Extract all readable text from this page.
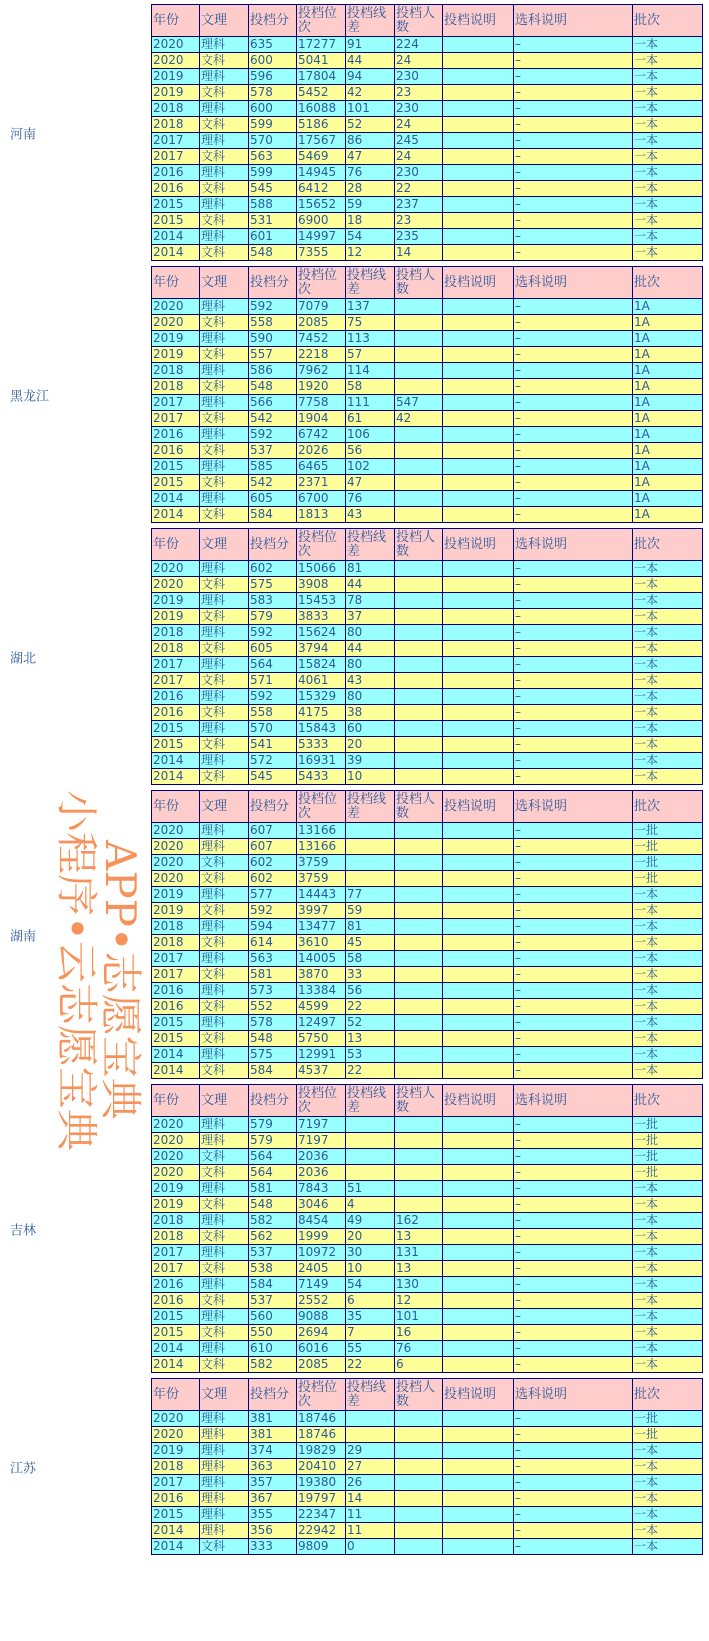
河南
年份	文理	投档分	投档位次	投档线差	投档人数	投档说明	选科说明	批次
2020	理科	635	17277	91	224		–	一本
2020	文科	600	5041	44	24		–	一本
2019	理科	596	17804	94	230		–	一本
2019	文科	578	5452	42	23		–	一本
2018	理科	600	16088	101	230		–	一本
2018	文科	599	5186	52	24		–	一本
2017	理科	570	17567	86	245		–	一本
2017	文科	563	5469	47	24		–	一本
2016	理科	599	14945	76	230		–	一本
2016	文科	545	6412	28	22		–	一本
2015	理科	588	15652	59	237		–	一本
2015	文科	531	6900	18	23		–	一本
2014	理科	601	14997	54	235		–	一本
2014	文科	548	7355	12	14		–	一本
黑龙江
年份	文理	投档分	投档位次	投档线差	投档人数	投档说明	选科说明	批次
2020	理科	592	7079	137			–	1A
2020	文科	558	2085	75			–	1A
2019	理科	590	7452	113			–	1A
2019	文科	557	2218	57			–	1A
2018	理科	586	7962	114			–	1A
2018	文科	548	1920	58			–	1A
2017	理科	566	7758	111	547		–	1A
2017	文科	542	1904	61	42		–	1A
2016	理科	592	6742	106			–	1A
2016	文科	537	2026	56			–	1A
2015	理科	585	6465	102			–	1A
2015	文科	542	2371	47			–	1A
2014	理科	605	6700	76			–	1A
2014	文科	584	1813	43			–	1A
湖北
年份	文理	投档分	投档位次	投档线差	投档人数	投档说明	选科说明	批次
2020	理科	602	15066	81			–	一本
2020	文科	575	3908	44			–	一本
2019	理科	583	15453	78			–	一本
2019	文科	579	3833	37			–	一本
2018	理科	592	15624	80			–	一本
2018	文科	605	3794	44			–	一本
2017	理科	564	15824	80			–	一本
2017	文科	571	4061	43			–	一本
2016	理科	592	15329	80			–	一本
2016	文科	558	4175	38			–	一本
2015	理科	570	15843	60			–	一本
2015	文科	541	5333	20			–	一本
2014	理科	572	16931	39			–	一本
2014	文科	545	5433	10			–	一本
湖南
年份	文理	投档分	投档位次	投档线差	投档人数	投档说明	选科说明	批次
2020	理科	607	13166				–	一批
2020	理科	607	13166				–	一批
2020	文科	602	3759				–	一批
2020	文科	602	3759				–	一批
2019	理科	577	14443	77			–	一本
2019	文科	592	3997	59			–	一本
2018	理科	594	13477	81			–	一本
2018	文科	614	3610	45			–	一本
2017	理科	563	14005	58			–	一本
2017	文科	581	3870	33			–	一本
2016	理科	573	13384	56			–	一本
2016	文科	552	4599	22			–	一本
2015	理科	578	12497	52			–	一本
2015	文科	548	5750	13			–	一本
2014	理科	575	12991	53			–	一本
2014	文科	584	4537	22			–	一本
吉林
年份	文理	投档分	投档位次	投档线差	投档人数	投档说明	选科说明	批次
2020	理科	579	7197				–	一批
2020	理科	579	7197				–	一批
2020	文科	564	2036				–	一批
2020	文科	564	2036				–	一批
2019	理科	581	7843	51			–	一本
2019	文科	548	3046	4			–	一本
2018	理科	582	8454	49	162		–	一本
2018	文科	562	1999	20	13		–	一本
2017	理科	537	10972	30	131		–	一本
2017	文科	538	2405	10	13		–	一本
2016	理科	584	7149	54	130		–	一本
2016	文科	537	2552	6	12		–	一本
2015	理科	560	9088	35	101		–	一本
2015	文科	550	2694	7	16		–	一本
2014	理科	610	6016	55	76		–	一本
2014	文科	582	2085	22	6		–	一本
江苏
年份	文理	投档分	投档位次	投档线差	投档人数	投档说明	选科说明	批次
2020	理科	381	18746				–	一批
2020	理科	381	18746				–	一批
2019	理科	374	19829	29			–	一本
2018	理科	363	20410	27			–	一本
2017	理科	357	19380	26			–	一本
2016	理科	367	19797	14			–	一本
2015	理科	355	22347	11			–	一本
2014	理科	356	22942	11			–	一本
2014	文科	333	9809	0			–	一本
小程序•云志愿宝典
APP•志愿宝典
